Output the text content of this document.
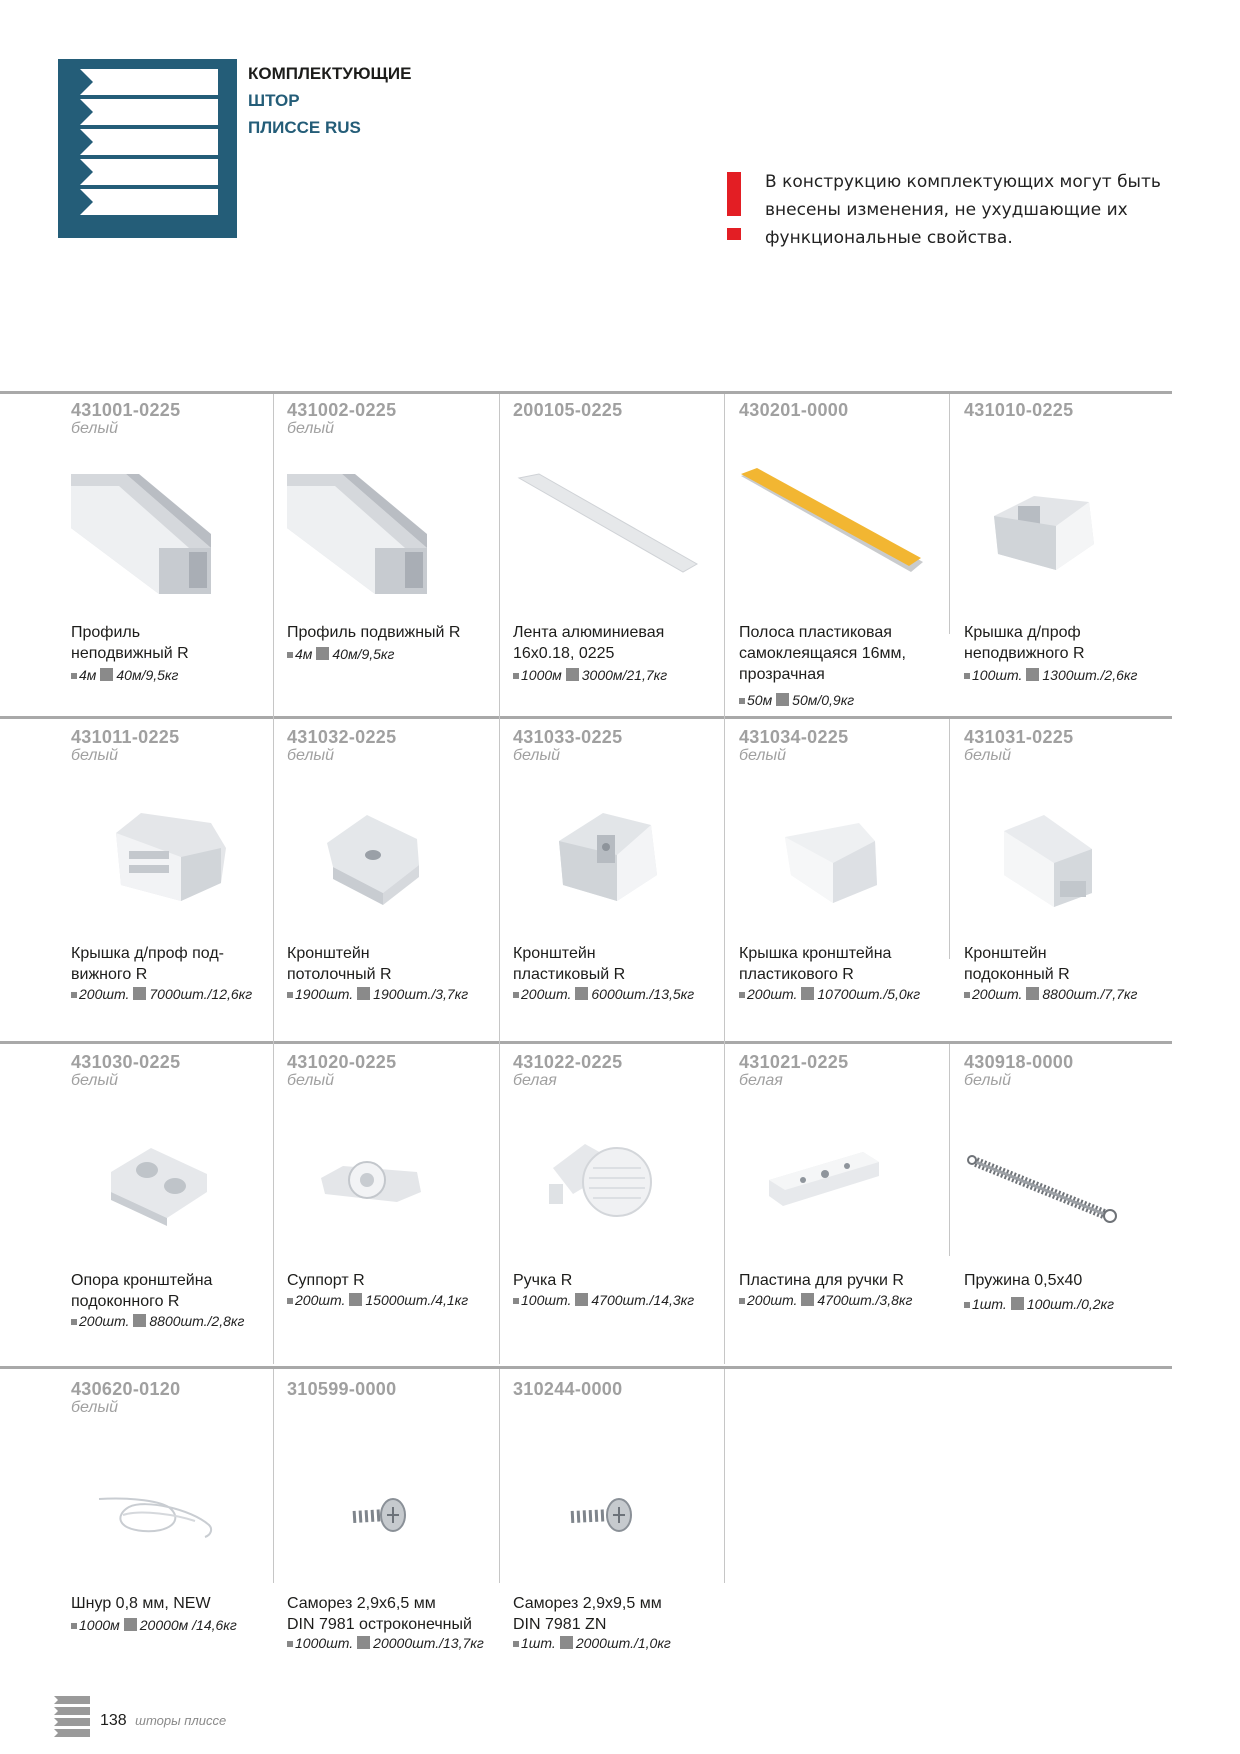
КОМПЛЕКТУЮЩИЕ
ШТОР
ПЛИССЕ RUS
В конструкцию комплектующих могут быть
внесены изменения, не ухудшающие их
функциональные свойства.
431001-0225
белый
Профиль
неподвижный R
4м 40м/9,5кг
431002-0225
белый
Профиль подвижный R
4м 40м/9,5кг
200105-0225
Лента алюминиевая
16х0.18, 0225
1000м 3000м/21,7кг
430201-0000
Полоса пластиковая
самоклеящаяся 16мм,
прозрачная
50м 50м/0,9кг
431010-0225
Крышка д/проф
неподвижного R
100шт. 1300шт./2,6кг
431011-0225
белый
Крышка д/проф под-
вижного R
200шт. 7000шт./12,6кг
431032-0225
белый
Кронштейн
потолочный R
1900шт. 1900шт./3,7кг
431033-0225
белый
Кронштейн
пластиковый R
200шт. 6000шт./13,5кг
431034-0225
белый
Крышка кронштейна
пластикового R
200шт. 10700шт./5,0кг
431031-0225
белый
Кронштейн
подоконный R
200шт. 8800шт./7,7кг
431030-0225
белый
Опора кронштейна
подоконного R
200шт. 8800шт./2,8кг
431020-0225
белый
Суппорт R
200шт. 15000шт./4,1кг
431022-0225
белая
Ручка R
100шт. 4700шт./14,3кг
431021-0225
белая
Пластина для ручки R
200шт. 4700шт./3,8кг
430918-0000
белый
Пружина 0,5х40
1шт. 100шт./0,2кг
430620-0120
белый
Шнур 0,8 мм, NEW
1000м 20000м /14,6кг
310599-0000
Саморез 2,9х6,5 мм
DIN 7981 остроконечный
1000шт. 20000шт./13,7кг
310244-0000
Саморез 2,9х9,5 мм
DIN 7981 ZN
1шт. 2000шт./1,0кг
138 шторы плиссе
